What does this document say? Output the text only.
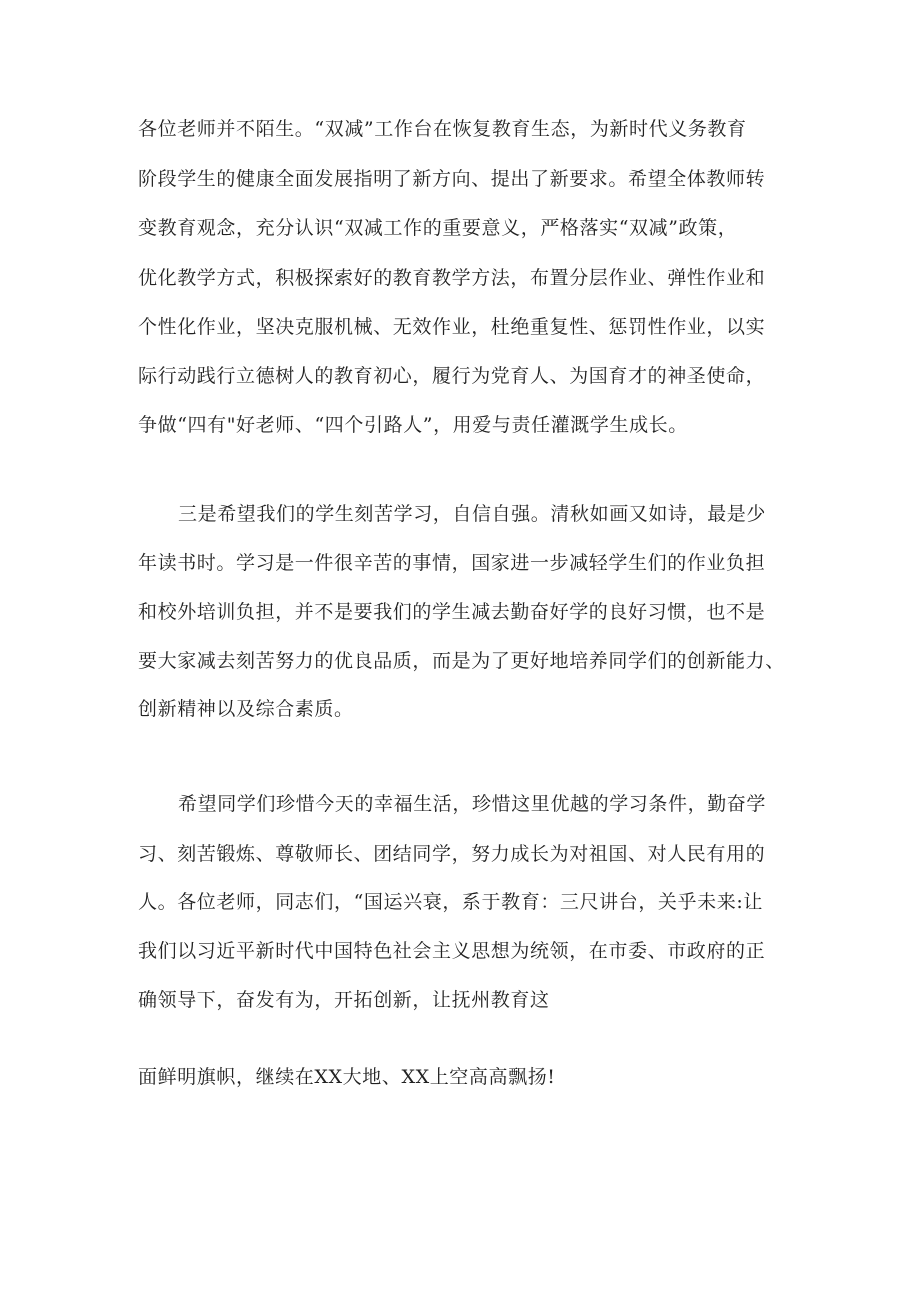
各位老师并不陌生。“双减”工作台在恢复教育生态，为新时代义务教育
阶段学生的健康全面发展指明了新方向、提出了新要求。希望全体教师转
变教育观念，充分认识“双减工作的重要意义，严格落实“双减”政策，
优化教学方式，积极探索好的教育教学方法，布置分层作业、弹性作业和
个性化作业，坚决克服机械、无效作业，杜绝重复性、惩罚性作业，以实
际行动践行立德树人的教育初心，履行为党育人、为国育才的神圣使命，
争做“四有"好老师、“四个引路人”，用爱与责任灌溉学生成长。
三是希望我们的学生刻苦学习，自信自强。清秋如画又如诗，最是少
年读书时。学习是一件很辛苦的事情，国家进一步减轻学生们的作业负担
和校外培训负担，并不是要我们的学生减去勤奋好学的良好习惯，也不是
要大家减去刻苦努力的优良品质，而是为了更好地培养同学们的创新能力、
创新精神以及综合素质。
希望同学们珍惜今天的幸福生活，珍惜这里优越的学习条件，勤奋学
习、刻苦锻炼、尊敬师长、团结同学，努力成长为对祖国、对人民有用的
人。各位老师，同志们，“国运兴衰，系于教育：三尺讲台，关乎未来:让
我们以习近平新时代中国特色社会主义思想为统领，在市委、市政府的正
确领导下，奋发有为，开拓创新，让抚州教育这
面鲜明旗帜，继续在XX大地、XX上空高高飘扬!
